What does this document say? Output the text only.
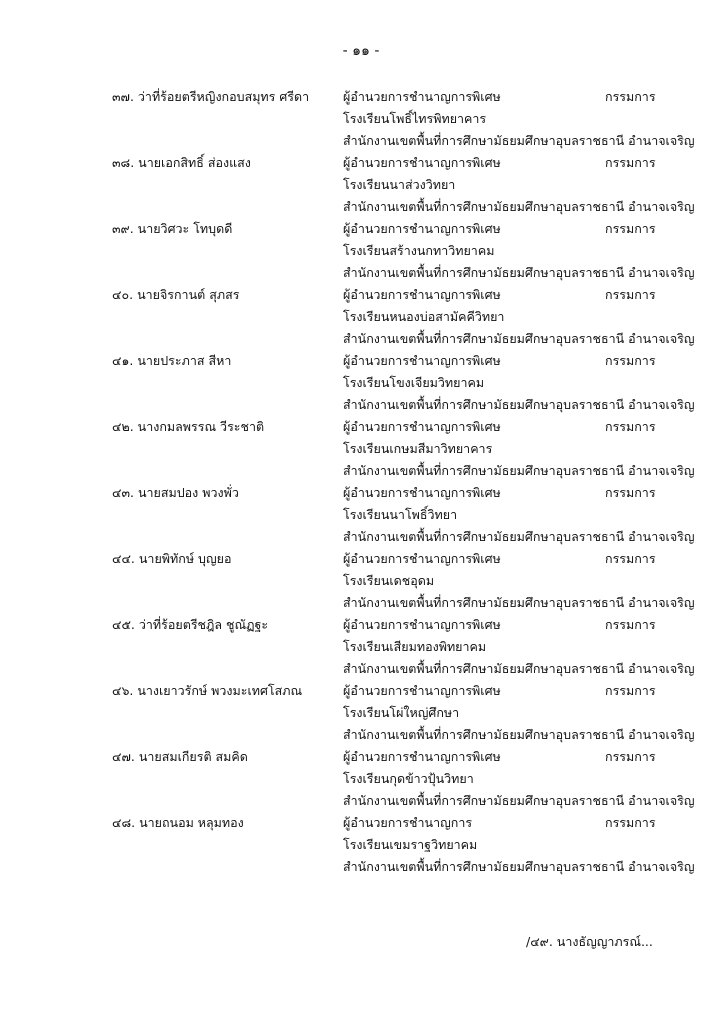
- ๑๑ -
๓๗. ว่าที่ร้อยตรีหญิงกอบสมุทร ศรีดา	ผู้อำนวยการชำนาญการพิเศษ	กรรมการ
โรงเรียนโพธิ์ไทรพิทยาคาร
สำนักงานเขตพื้นที่การศึกษามัธยมศึกษาอุบลราชธานี อำนาจเจริญ
๓๘. นายเอกสิทธิ์ ส่องแสง	ผู้อำนวยการชำนาญการพิเศษ	กรรมการ
โรงเรียนนาส่วงวิทยา
สำนักงานเขตพื้นที่การศึกษามัธยมศึกษาอุบลราชธานี อำนาจเจริญ
๓๙. นายวิศวะ โทบุดดี	ผู้อำนวยการชำนาญการพิเศษ	กรรมการ
โรงเรียนสร้างนกทาวิทยาคม
สำนักงานเขตพื้นที่การศึกษามัธยมศึกษาอุบลราชธานี อำนาจเจริญ
๔๐. นายจิรกานต์ สุภสร	ผู้อำนวยการชำนาญการพิเศษ	กรรมการ
โรงเรียนหนองบ่อสามัคคีวิทยา
สำนักงานเขตพื้นที่การศึกษามัธยมศึกษาอุบลราชธานี อำนาจเจริญ
๔๑. นายประภาส สีหา	ผู้อำนวยการชำนาญการพิเศษ	กรรมการ
โรงเรียนโขงเจียมวิทยาคม
สำนักงานเขตพื้นที่การศึกษามัธยมศึกษาอุบลราชธานี อำนาจเจริญ
๔๒. นางกมลพรรณ วีระชาติ	ผู้อำนวยการชำนาญการพิเศษ	กรรมการ
โรงเรียนเกษมสีมาวิทยาคาร
สำนักงานเขตพื้นที่การศึกษามัธยมศึกษาอุบลราชธานี อำนาจเจริญ
๔๓. นายสมปอง พวงพั่ว	ผู้อำนวยการชำนาญการพิเศษ	กรรมการ
โรงเรียนนาโพธิ์วิทยา
สำนักงานเขตพื้นที่การศึกษามัธยมศึกษาอุบลราชธานี อำนาจเจริญ
๔๔. นายพิทักษ์ บุญยอ	ผู้อำนวยการชำนาญการพิเศษ	กรรมการ
โรงเรียนเดชอุดม
สำนักงานเขตพื้นที่การศึกษามัธยมศึกษาอุบลราชธานี อำนาจเจริญ
๔๕. ว่าที่ร้อยตรีชฎิล ชูณัฏฐะ	ผู้อำนวยการชำนาญการพิเศษ	กรรมการ
โรงเรียนเสียมทองพิทยาคม
สำนักงานเขตพื้นที่การศึกษามัธยมศึกษาอุบลราชธานี อำนาจเจริญ
๔๖. นางเยาวรักษ์ พวงมะเทศโสภณ	ผู้อำนวยการชำนาญการพิเศษ	กรรมการ
โรงเรียนโผ่ใหญ่ศึกษา
สำนักงานเขตพื้นที่การศึกษามัธยมศึกษาอุบลราชธานี อำนาจเจริญ
๔๗. นายสมเกียรติ สมคิด	ผู้อำนวยการชำนาญการพิเศษ	กรรมการ
โรงเรียนกุดข้าวปุ้นวิทยา
สำนักงานเขตพื้นที่การศึกษามัธยมศึกษาอุบลราชธานี อำนาจเจริญ
๔๘. นายถนอม หลุมทอง	ผู้อำนวยการชำนาญการ	กรรมการ
โรงเรียนเขมราฐวิทยาคม
สำนักงานเขตพื้นที่การศึกษามัธยมศึกษาอุบลราชธานี อำนาจเจริญ
/๔๙. นางธัญญาภรณ์...
